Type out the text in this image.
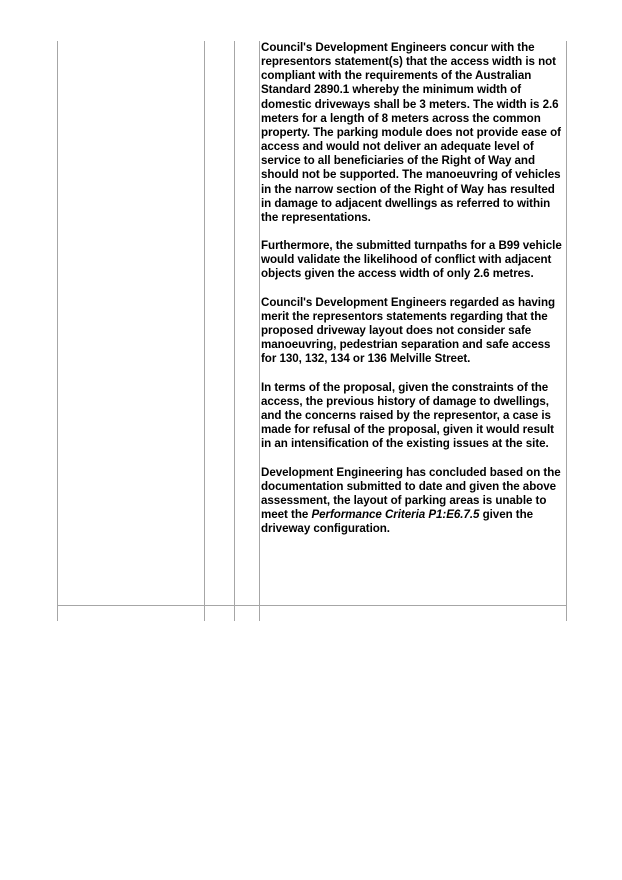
Council's Development Engineers concur with the representors statement(s) that the access width is not compliant with the requirements of the Australian Standard 2890.1 whereby the minimum width of domestic driveways shall be 3 meters. The width is 2.6 meters for a length of 8 meters across the common property. The parking module does not provide ease of access and would not deliver an adequate level of service to all beneficiaries of the Right of Way and should not be supported. The manoeuvring of vehicles in the narrow section of the Right of Way has resulted in damage to adjacent dwellings as referred to within the representations.

Furthermore, the submitted turnpaths for a B99 vehicle would validate the likelihood of conflict with adjacent objects given the access width of only 2.6 metres.

Council's Development Engineers regarded as having merit the representors statements regarding that the proposed driveway layout does not consider safe manoeuvring, pedestrian separation and safe access for 130, 132, 134 or 136 Melville Street.

In terms of the proposal, given the constraints of the access, the previous history of damage to dwellings, and the concerns raised by the representor, a case is made for refusal of the proposal, given it would result in an intensification of the existing issues at the site.

Development Engineering has concluded based on the documentation submitted to date and given the above assessment, the layout of parking areas is unable to meet the Performance Criteria P1:E6.7.5 given the driveway configuration.
